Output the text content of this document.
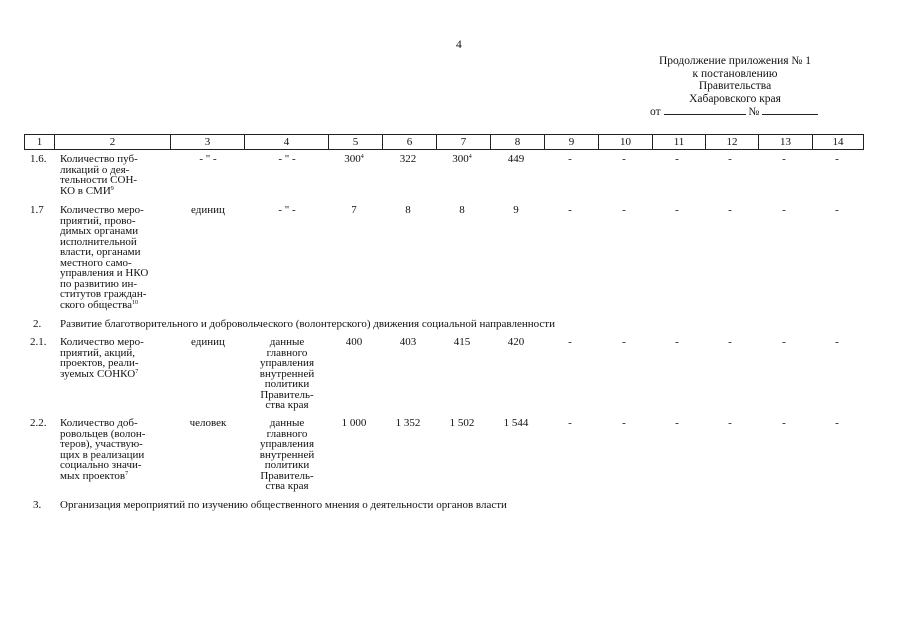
4
Продолжение приложения № 1
к постановлению
Правительства
Хабаровского края
от	№
1	2	3	4	5	6	7	8	9	10	11	12	13	14
1.6. Количество пуб-
ликаций о дея-
тельности СОН-
КО в СМИ$^9$
- " -	- " -	$300^4$	322	$300^4$	449	-	-	-	-	-	-
1.7 Количество меро-
приятий, прово-
димых органами
исполнительной
власти, органами
местного само-
управления и НКО
по развитию ин-
ститутов граждан-
ского общества$^{10}$
единиц	- " -	7	8	8	9	-	-	-	-	-	-
2. Развитие благотворительного и добровольческого (волонтерского) движения социальной направленности
2.1. Количество меро-
приятий, акций,
проектов, реали-
зуемых СОНКО$^7$
единиц	данные
главного
управления
внутренней
политики
Правитель-
ства края
400	403	415	420	-	-	-	-	-	-
2.2. Количество доб-
ровольцев (волон-
теров), участвую-
щих в реализации
социально значи-
мых проектов$^7$
человек	данные
главного
управления
внутренней
политики
Правитель-
ства края
1 000	1 352	1 502	1 544	-	-	-	-	-	-
3. Организация мероприятий по изучению общественного мнения о деятельности органов власти
